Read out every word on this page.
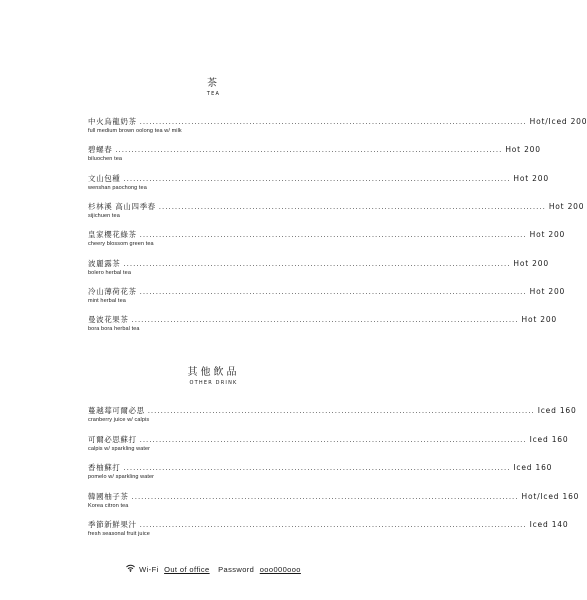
茶
TEA
中火烏龍奶茶 ........................................................................................................................ Hot/Iced 200
full medium brown oolong tea w/ milk
碧螺春 ........................................................................................................................ Hot 200
biluochen tea
文山包種 ........................................................................................................................ Hot 200
wenshan paochong tea
杉林溪 高山四季春 ........................................................................................................................ Hot 200
sijichuen tea
皇家櫻花綠茶 ........................................................................................................................ Hot 200
cheery blossom green tea
波麗露茶 ........................................................................................................................ Hot 200
bolero herbal tea
冷山薄荷花茶 ........................................................................................................................ Hot 200
mint herbal tea
曼波花果茶 ........................................................................................................................ Hot 200
bora bora herbal tea
其他飲品
OTHER DRINK
蔓越莓可爾必思 ........................................................................................................................ Iced 160
cranberry juice w/ calpis
可爾必思蘇打 ........................................................................................................................ Iced 160
calpis w/ sparkling water
香柚蘇打 ........................................................................................................................ Iced 160
pomelo w/ sparkling water
韓國柚子茶 ........................................................................................................................ Hot/Iced 160
Korea citron tea
季節新鮮果汁 ........................................................................................................................ Iced 140
fresh seasonal fruit juice
Wi-Fi Out of office Password ooo000ooo
